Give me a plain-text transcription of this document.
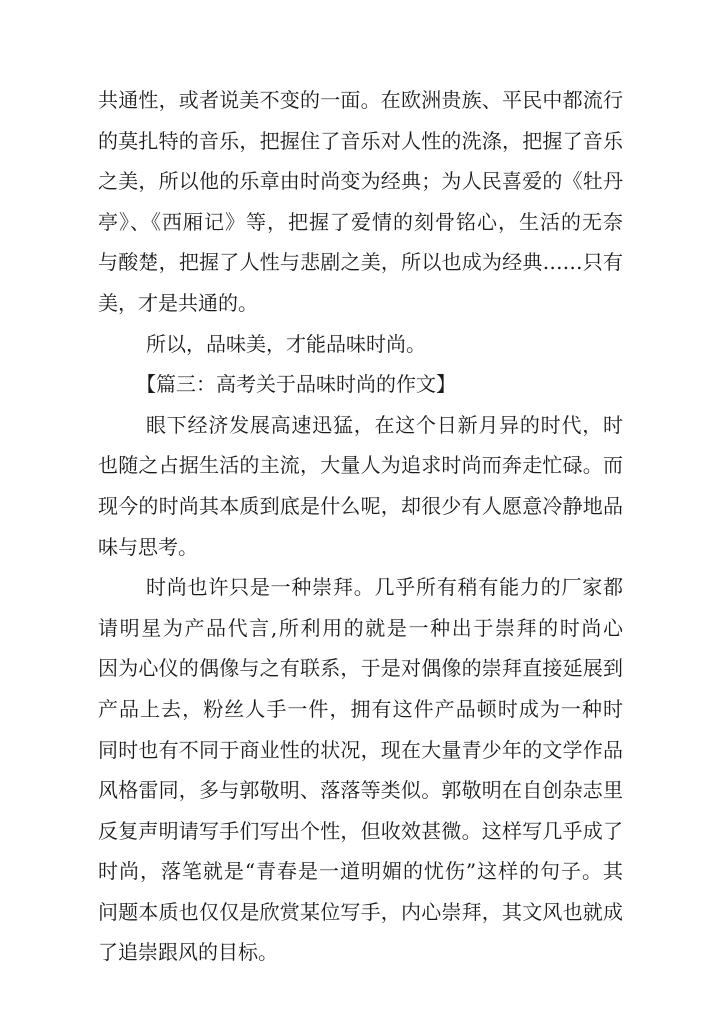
共通性，或者说美不变的一面。在欧洲贵族、平民中都流行
的莫扎特的音乐，把握住了音乐对人性的洗涤，把握了音乐
之美，所以他的乐章由时尚变为经典；为人民喜爱的《牡丹
亭》、《西厢记》等，把握了爱情的刻骨铭心，生活的无奈
与酸楚，把握了人性与悲剧之美，所以也成为经典……只有
美，才是共通的。
所以，品味美，才能品味时尚。
【篇三：高考关于品味时尚的作文】
眼下经济发展高速迅猛，在这个日新月异的时代，时
也随之占据生活的主流，大量人为追求时尚而奔走忙碌。而
现今的时尚其本质到底是什么呢，却很少有人愿意冷静地品
味与思考。
时尚也许只是一种崇拜。几乎所有稍有能力的厂家都
请明星为产品代言,所利用的就是一种出于崇拜的时尚心
因为心仪的偶像与之有联系，于是对偶像的崇拜直接延展到
产品上去，粉丝人手一件，拥有这件产品顿时成为一种时
同时也有不同于商业性的状况，现在大量青少年的文学作品
风格雷同，多与郭敬明、落落等类似。郭敬明在自创杂志里
反复声明请写手们写出个性，但收效甚微。这样写几乎成了
时尚，落笔就是“青春是一道明媚的忧伤”这样的句子。其
问题本质也仅仅是欣赏某位写手，内心崇拜，其文风也就成
了追崇跟风的目标。
